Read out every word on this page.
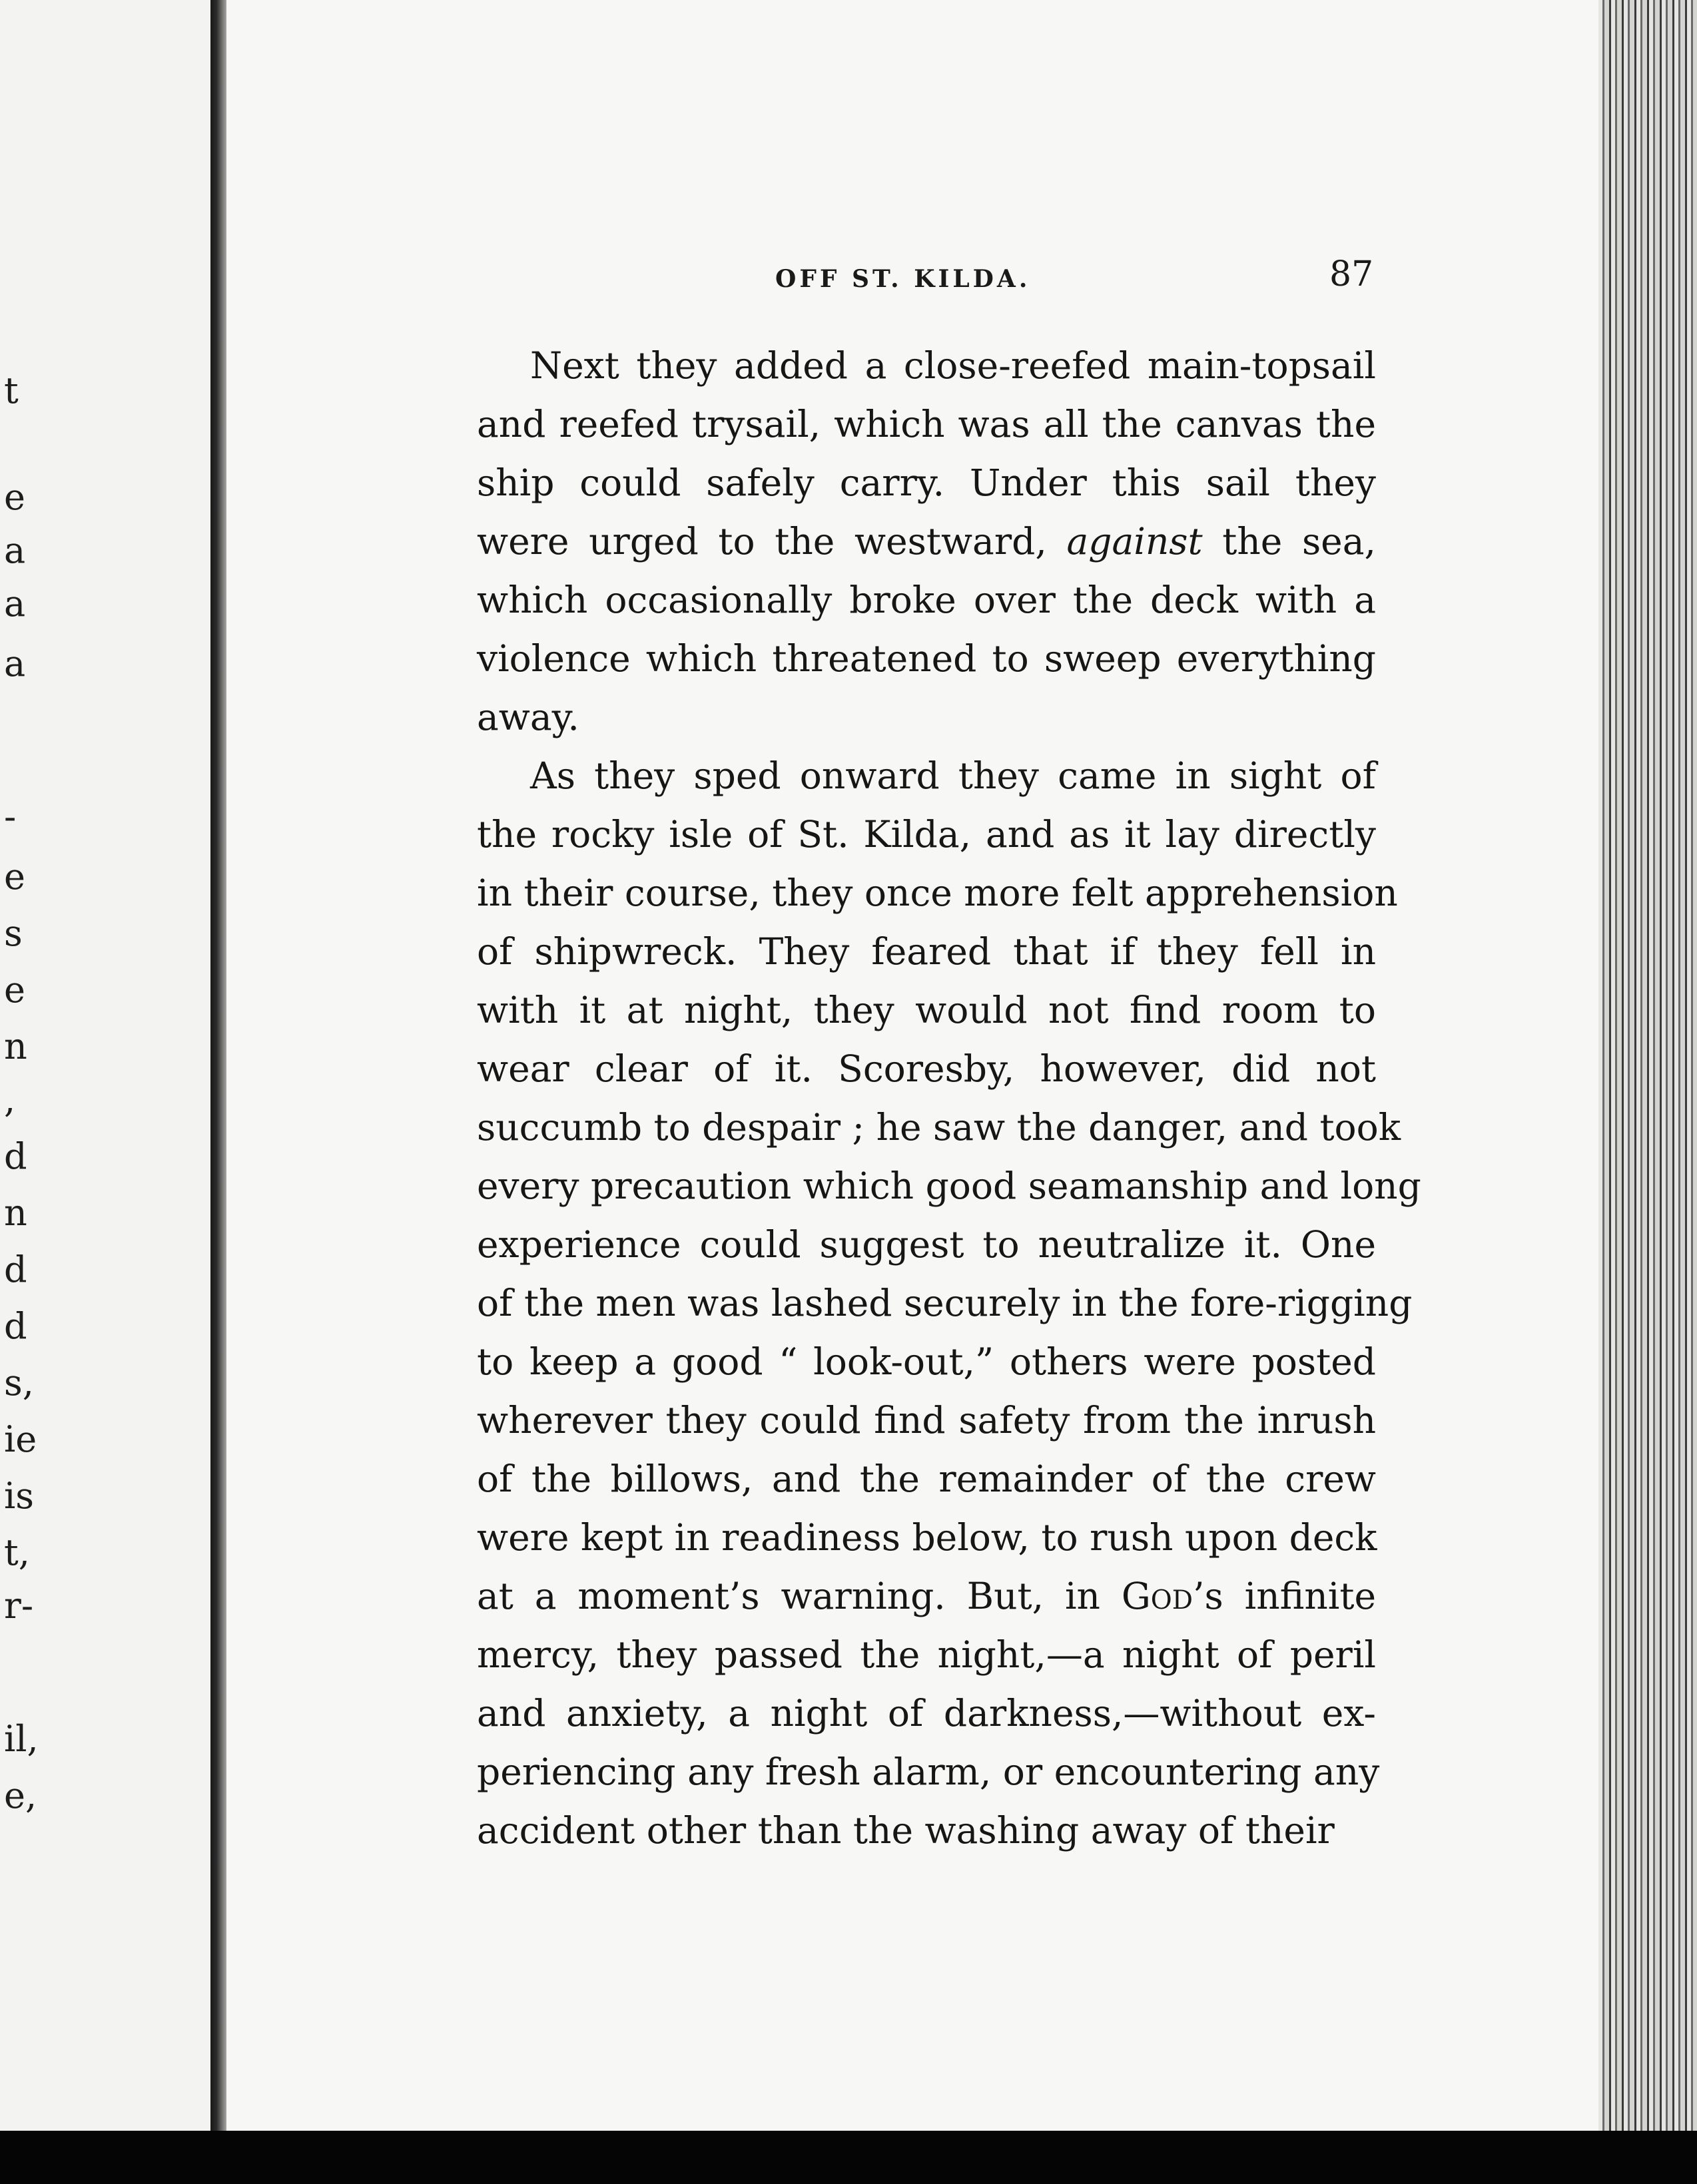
t
e
a
a
a
-
e
s
e
n
,
d
n
d
d
s,
ie
is
t,
r-
il,
e,
OFF ST. KILDA.	87
Next they added a close-reefed main-topsail
and reefed trysail, which was all the canvas the
ship could safely carry. Under this sail they
were urged to the westward, against the sea,
which occasionally broke over the deck with a
violence which threatened to sweep everything
away.
As they sped onward they came in sight of
the rocky isle of St. Kilda, and as it lay directly
in their course, they once more felt apprehension
of shipwreck. They feared that if they fell in
with it at night, they would not find room to
wear clear of it. Scoresby, however, did not
succumb to despair ; he saw the danger, and took
every precaution which good seamanship and long
experience could suggest to neutralize it. One
of the men was lashed securely in the fore-rigging
to keep a good “ look-out,” others were posted
wherever they could find safety from the inrush
of the billows, and the remainder of the crew
were kept in readiness below, to rush upon deck
at a moment’s warning. But, in God’s infinite
mercy, they passed the night,—a night of peril
and anxiety, a night of darkness,—without ex-
periencing any fresh alarm, or encountering any
accident other than the washing away of their
